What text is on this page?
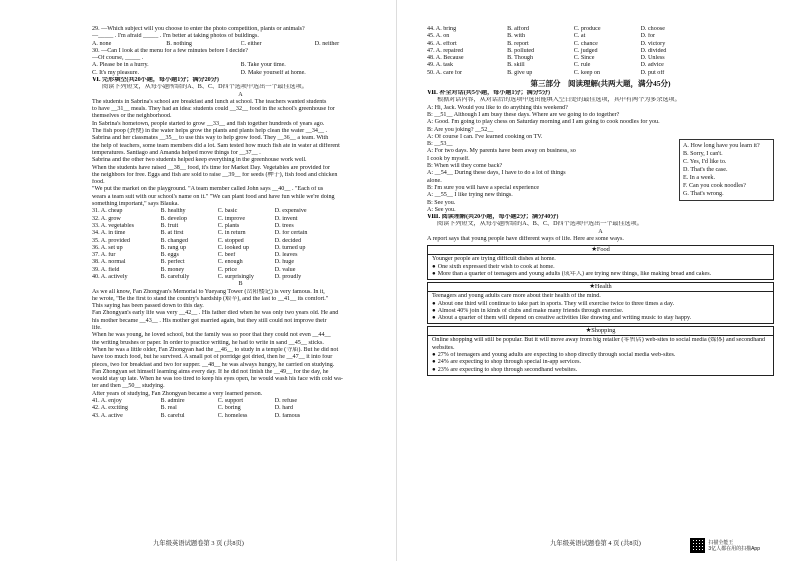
29. —Which subject will you choose to enter the photo competition, plants or animals?
—_____ . I'm afraid _____ . I'm better at taking photos of buildings.
A. none	B. nothing	C. either	D. neither
30. —Can I look at the menu for a few minutes before I decide?
—Of course, _____ .
A. Please be in a hurry.	B. Take your time.
C. It's my pleasure.	D. Make yourself at home.
Ⅵ. 完形填空(共20小题，每小题1分；满分20分)
阅读下列短文，从每小题所给的A、B、C、D四个选项中选出一个最佳选项。
A
The students in Sabrina's school are breakfast and lunch at school. The teachers wanted students
to have __31__ meals. They had an idea: students could __32__ food in the school's greenhouse for
themselves or the neighborhood.
In Sabrina's hometown, people started to grow __33__ and fish together hundreds of years ago.
The fish poop (粪便) in the water helps grow the plants and plants help clean the water __34__ .
Sabrina and her classmates __35__ to use this way to help grow food. They __36__ a team. With
the help of teachers, some team members did a lot. Sam tested how much fish ate in water at different
temperatures. Santiago and Amanda helped move things for __37__ .
Sabrina and the other two students helped keep everything in the greenhouse work well.
When the students have raised __38__ food, it's time for Market Day. Vegetables are provided for
the neighbors for free. Eggs and fish are sold to raise __39__ for seeds (种子), fish food and chicken
food.
"We put the market on the playground. "A team member called John says __40__ . "Each of us
wears a team suit with our school's name on it." "We can plant food and have fun while we're doing
something important," says Blauka.
31. A. cheap	B. healthy	C. basic	D. expensive
32. A. grow	B. develop	C. improve	D. invent
33. A. vegetables	B. fruit	C. plants	D. trees
34. A. in time	B. at first	C. in return	D. for certain
35. A. provided	B. changed	C. stopped	D. decided
36. A. set up	B. rang up	C. looked up	D. turned up
37. A. fur	B. eggs	C. beef	D. leaves
38. A. normal	B. perfect	C. enough	D. huge
39. A. field	B. money	C. price	D. value
40. A. actively	B. carefully	C. surprisingly	D. proudly
B
As we all know, Fan Zhongyan's Memorial to Yueyang Tower (岳阳楼记) is very famous. In it,
he wrote, "Be the first to stand the country's hardship (艰辛), and the last to __41__ its comfort."
This saying has been passed down to this day.
Fan Zhongyan's early life was very __42__ . His father died when he was only two years old. He and
his mother became __43__ . His mother got married again, but they still could not improve their
life.
When he was young, he loved school, but the family was so poor that they could not even __44__
the writing brushes or paper. In order to practice writing, he had to write in sand __45__ sticks.
When he was a little older, Fan Zhongyan had the __46__ to study in a temple (寺庙). But he did not
have too much food, but he survived. A small pot of porridge got dried, then he __47__ it into four
pieces, two for breakfast and two for supper. __48__ he was always hungry, he carried on studying.
Fan Zhongyan set himself learning aims every day. If he did not finish the __49__ for the day, he
would stay up late. When he was too tired to keep his eyes open, he would wash his face with cold wa-
ter and then __50__ studying.
After years of studying, Fan Zhongyan became a very learned person.
41. A. enjoy	B. admire	C. support	D. refuse
42. A. exciting	B. real	C. boring	D. hard
43. A. active	B. careful	C. homeless	D. famous
九年级英语试题卷第 3 页 (共8页)
44. A. bring	B. afford	C. produce	D. choose
45. A. on	B. with	C. at	D. for
46. A. effort	B. report	C. chance	D. victory
47. A. repaired	B. polluted	C. judged	D. divided
48. A. Because	B. Though	C. Since	D. Unless
49. A. task	B. skill	C. rule	D. advice
50. A. care for	B. give up	C. keep on	D. put off
第三部分　阅读理解(共两大题，满分45分)
Ⅶ. 补全对话(共5小题，每小题1分；满分5分)
根据对话内容，从对话后的选项中选出能填入空白处的最佳选项，其中有两个为多余选项。
A: Hi, Jack. Would you like to do anything this weekend?
B: __51__ Although I am busy these days. Where are we going to do together?
A: Good. I'm going to play chess on Saturday morning and I am going to cook noodles for you.
B: Are you joking? __52__
A: Of course I can. I've learned cooking on TV.
B: __53__
A: For two days. My parents have been away on business, so
I cook by myself.
B: When will they come back?
A: __54__ During these days, I have to do a lot of things
alone.
B: I'm sure you will have a special experience
A: __55__ I like trying new things.
B: See you.
A: See you.
A. How long have you learn it?
B. Sorry, I can't.
C. Yes, I'd like to.
D. That's the case.
E. In a week.
F. Can you cook noodles?
G. That's wrong.
Ⅷ. 阅读理解(共20小题，每小题2分；满分40分)
阅读下列短文，从每小题所给的A、B、C、D四个选项中选出一个最佳选项。
A
A report says that young people have different ways of life. Here are some ways.
★Food
Younger people are trying difficult dishes at home.
● One sixth expressed their wish to cook at home.
● More than a quarter of teenagers and young adults (成年人) are trying new things, like making bread and cakes.
★Health
Teenagers and young adults care more about their health of the mind.
● About one third will continue to take part in sports. They will exercise twice to three times a day.
● Almost 40% join in kinds of clubs and make many friends through exercise.
● About a quarter of them will depend on creative activities like drawing and writing music to stay happy.
★Shopping
Online shopping will still be popular. But it will move away from big retailer (零售店) web-sites to social media (媒体) and secondhand websites.
● 27% of teenagers and young adults are expecting to shop directly through social media web-sites.
● 24% are expecting to shop through special in-app services.
● 23% are expecting to shop through secondhand websites.
九年级英语试题卷第 4 页 (共8页)	扫描全能王
3亿人都在用的扫描App
